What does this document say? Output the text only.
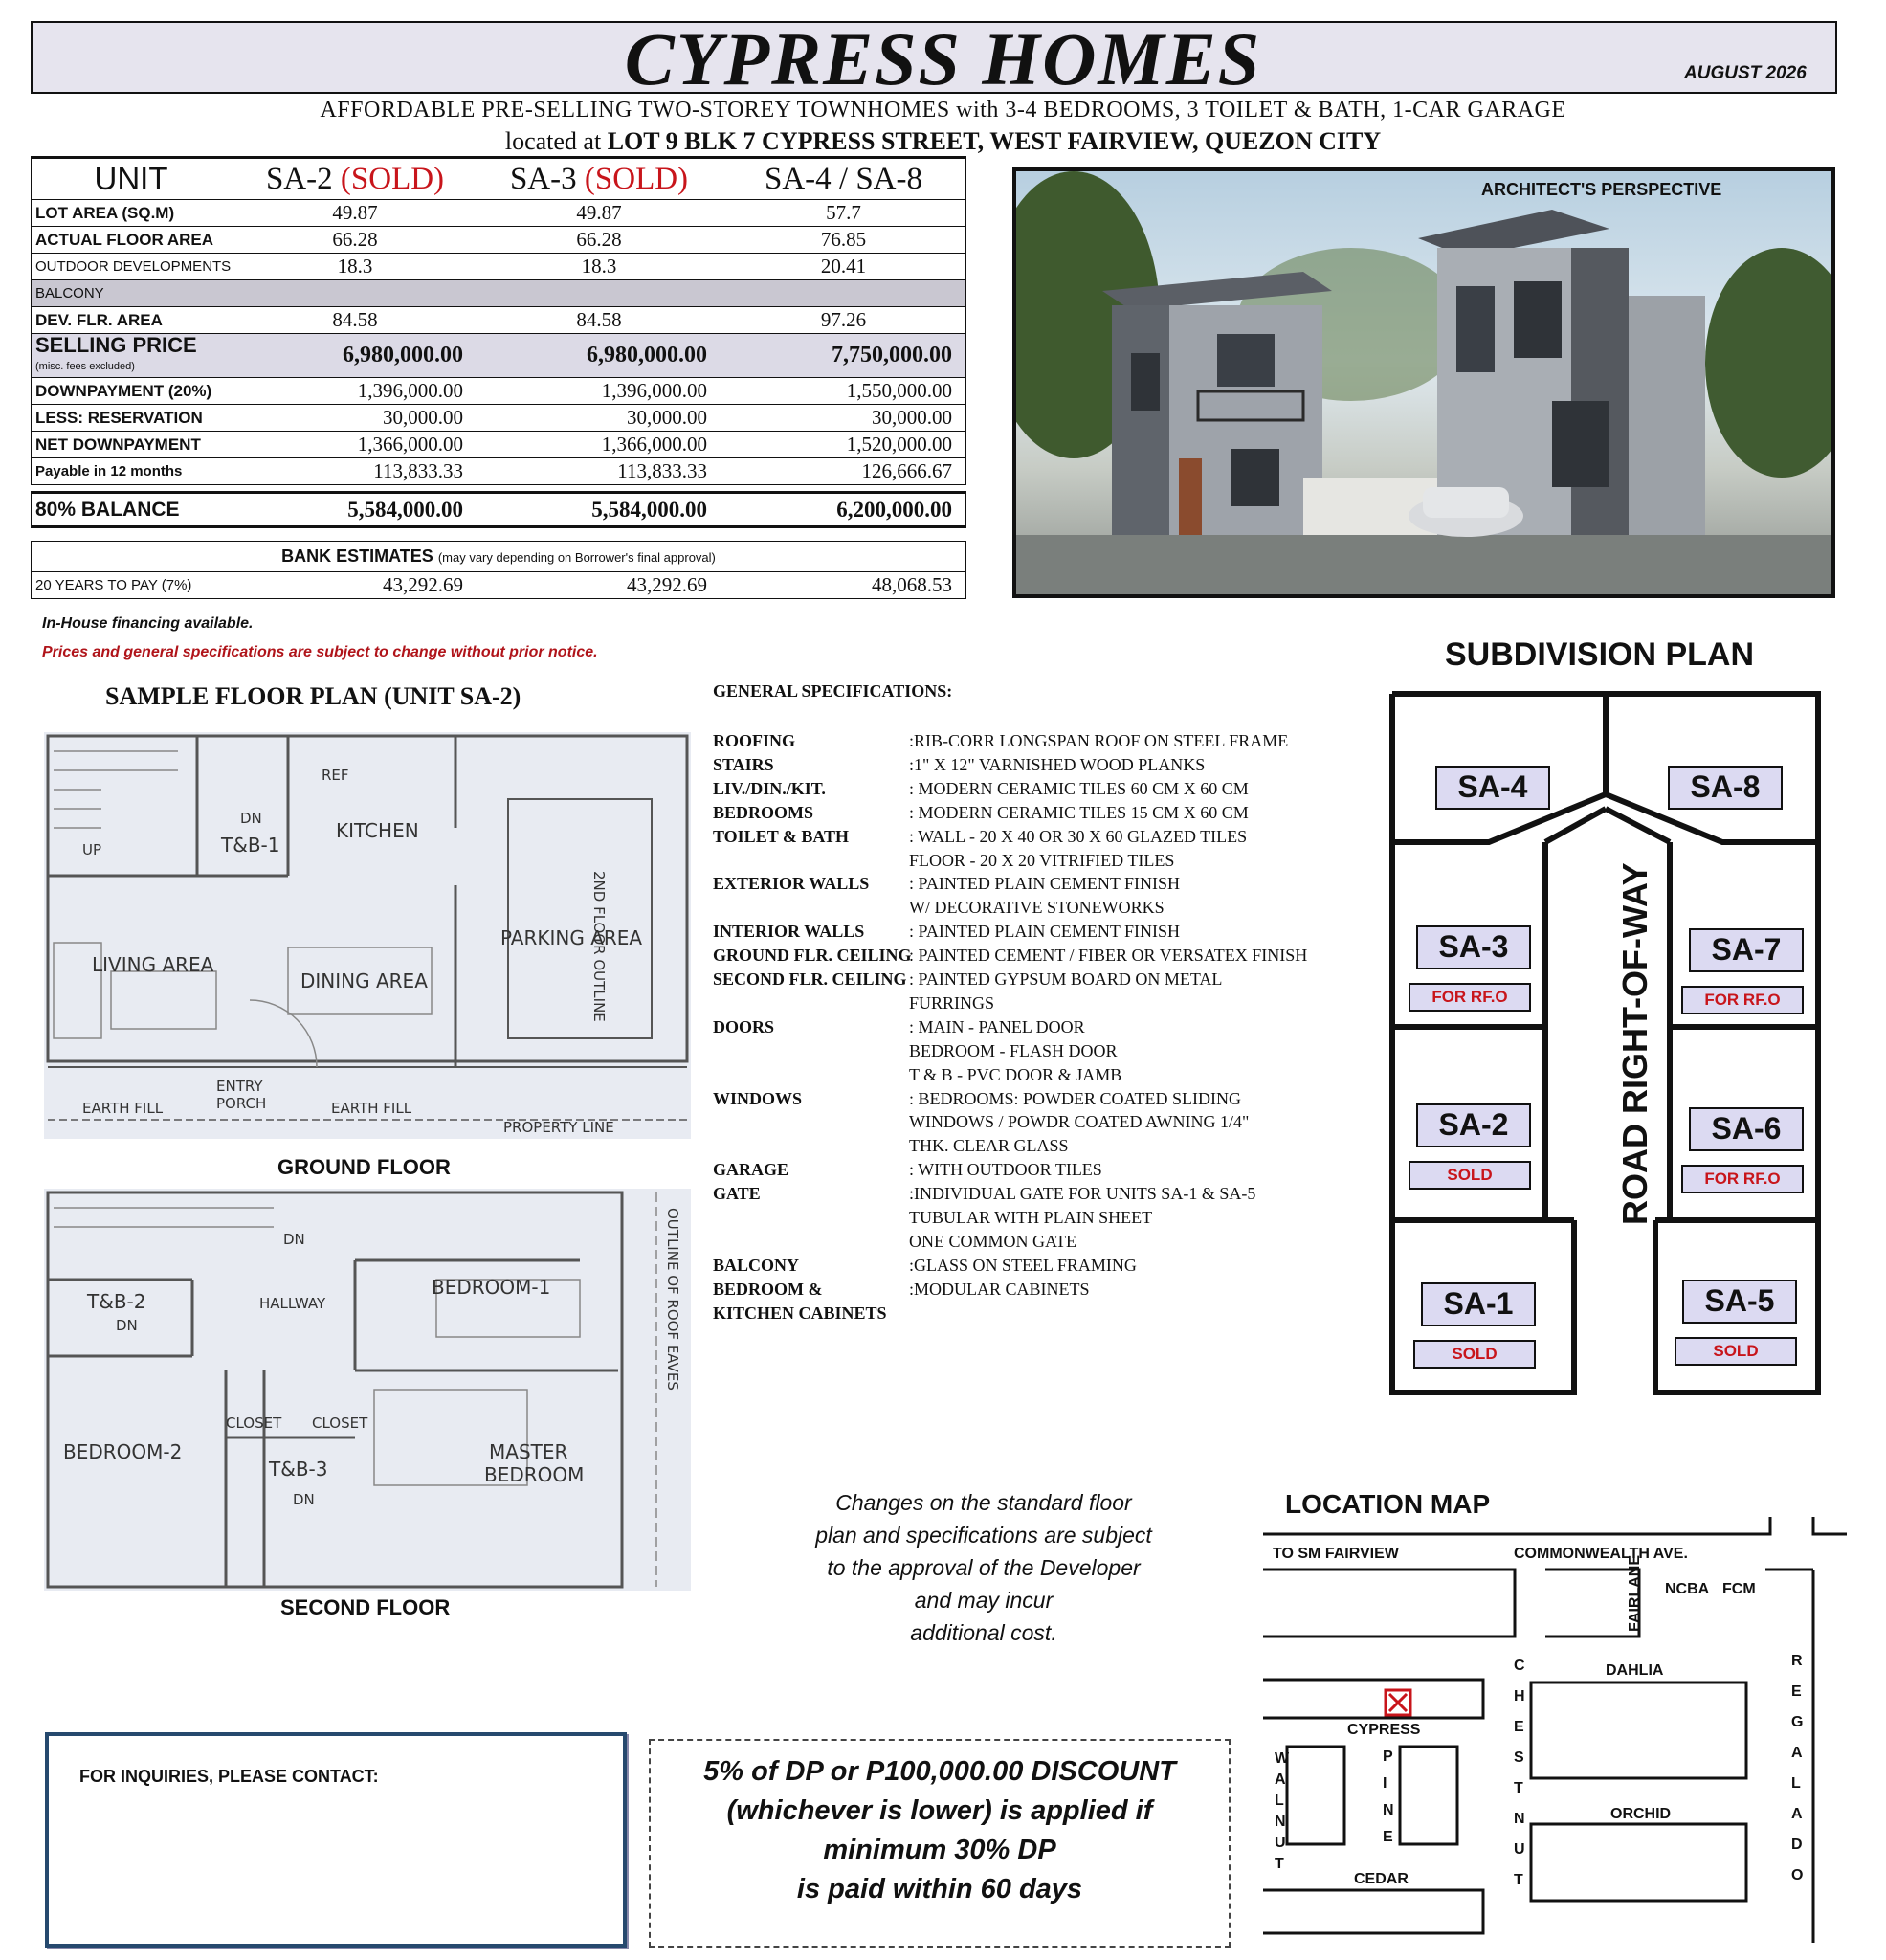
CYPRESS HOMES	AUGUST 2026
AFFORDABLE PRE-SELLING TWO-STOREY TOWNHOMES with 3-4 BEDROOMS, 3 TOILET & BATH, 1-CAR GARAGE
located at LOT 9 BLK 7 CYPRESS STREET, WEST FAIRVIEW, QUEZON CITY
UNIT	SA-2 (SOLD)	SA-3 (SOLD)	SA-4 / SA-8
LOT AREA (SQ.M)	49.87	49.87	57.7
ACTUAL FLOOR AREA	66.28	66.28	76.85
OUTDOOR DEVELOPMENTS	18.3	18.3	20.41
BALCONY			
DEV. FLR. AREA	84.58	84.58	97.26
SELLING PRICE
(misc. fees excluded)	6,980,000.00	6,980,000.00	7,750,000.00
DOWNPAYMENT (20%)	1,396,000.00	1,396,000.00	1,550,000.00
LESS: RESERVATION	30,000.00	30,000.00	30,000.00
NET DOWNPAYMENT	1,366,000.00	1,366,000.00	1,520,000.00
Payable in 12 months	113,833.33	113,833.33	126,666.67

80% BALANCE	5,584,000.00	5,584,000.00	6,200,000.00
BANK ESTIMATES (may vary depending on Borrower's final approval)
20 YEARS TO PAY (7%)	43,292.69	43,292.69	48,068.53
In-House financing available.
Prices and general specifications are subject to change without prior notice.
ARCHITECT'S PERSPECTIVE
SAMPLE FLOOR PLAN (UNIT SA-2)
UP
DN
T&B-1
REF
KITCHEN
PARKING AREA
LIVING AREA
DINING AREA
ENTRY
PORCH
EARTH FILL	EARTH FILL
PROPERTY LINE
2ND FLOOR OUTLINE
GROUND FLOOR
DN
T&B-2
DN
HALLWAY
BEDROOM-1
BEDROOM-2
CLOSET CLOSET
T&B-3
DN
MASTER
BEDROOM
OUTLINE OF ROOF EAVES
SECOND FLOOR
GENERAL SPECIFICATIONS:
ROOFING	:RIB-CORR LONGSPAN ROOF ON STEEL FRAME
STAIRS	:1" X 12" VARNISHED WOOD PLANKS
LIV./DIN./KIT.	: MODERN CERAMIC TILES 60 CM X 60 CM
BEDROOMS	: MODERN CERAMIC TILES 15 CM X 60 CM
TOILET & BATH	: WALL - 20 X 40 OR 30 X 60 GLAZED TILES
FLOOR - 20 X 20 VITRIFIED TILES
EXTERIOR WALLS : PAINTED PLAIN CEMENT FINISH
W/ DECORATIVE STONEWORKS
INTERIOR WALLS	: PAINTED PLAIN CEMENT FINISH
GROUND FLR. CEILING
: PAINTED CEMENT / FIBER OR VERSATEX FINISH
SECOND FLR. CEILING : PAINTED GYPSUM BOARD ON METAL
FURRINGS
DOORS	: MAIN - PANEL DOOR
BEDROOM - FLASH DOOR
T & B - PVC DOOR & JAMB
WINDOWS	: BEDROOMS: POWDER COATED SLIDING
WINDOWS / POWDR COATED AWNING 1/4"
THK. CLEAR GLASS
GARAGE	: WITH OUTDOOR TILES
GATE	:INDIVIDUAL GATE FOR UNITS SA-1 & SA-5
TUBULAR WITH PLAIN SHEET
ONE COMMON GATE
BALCONY	:GLASS ON STEEL FRAMING
BEDROOM &	:MODULAR CABINETS
KITCHEN CABINETS
SUBDIVISION PLAN
ROAD RIGHT-OF-WAY
SA-4	SA-8
SA-3
FOR RF.O
SA-7
FOR RF.O
SA-2
SOLD
SA-6
FOR RF.O
SA-1
SOLD
SA-5
SOLD
Changes on the standard floor
plan and specifications are subject
to the approval of the Developer
and may incur
additional cost.
LOCATION MAP
TO SM FAIRVIEW	COMMONWEALTH AVE.
NCBA FCM
FAIRLANE
DAHLIA
CYPRESS
ORCHID
CEDAR
C H E S T N U T
R E G A L A D O
W A L N U T
P I N E
FOR INQUIRIES, PLEASE CONTACT:	5% of DP or P100,000.00 DISCOUNT
(whichever is lower) is applied if
minimum 30% DP
is paid within 60 days
